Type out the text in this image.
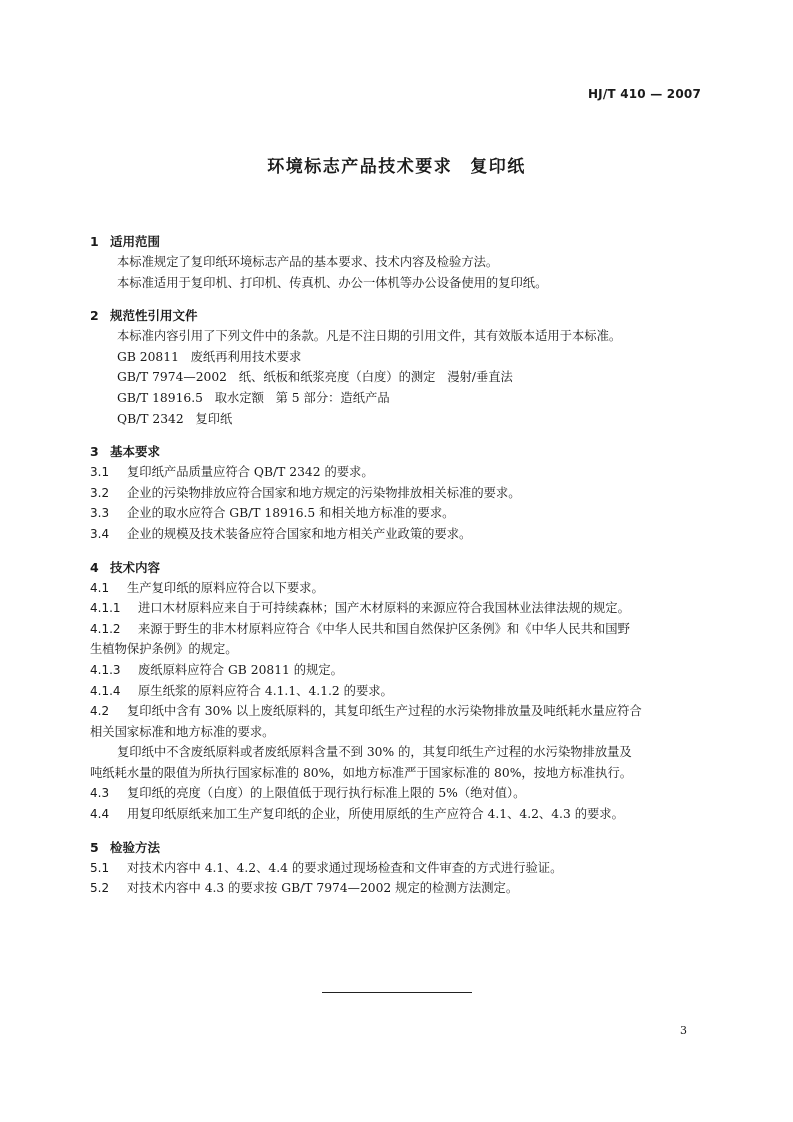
HJ/T 410 — 2007
环境标志产品技术要求 复印纸
1 适用范围
本标准规定了复印纸环境标志产品的基本要求、技术内容及检验方法。
本标准适用于复印机、打印机、传真机、办公一体机等办公设备使用的复印纸。
2 规范性引用文件
本标准内容引用了下列文件中的条款。凡是不注日期的引用文件，其有效版本适用于本标准。
GB 20811   废纸再利用技术要求
GB/T 7974—2002   纸、纸板和纸浆亮度（白度）的测定   漫射/垂直法
GB/T 18916.5   取水定额   第 5 部分：造纸产品
QB/T 2342   复印纸
3 基本要求
3.1 复印纸产品质量应符合 QB/T 2342 的要求。
3.2 企业的污染物排放应符合国家和地方规定的污染物排放相关标准的要求。
3.3 企业的取水应符合 GB/T 18916.5 和相关地方标准的要求。
3.4 企业的规模及技术装备应符合国家和地方相关产业政策的要求。
4 技术内容
4.1 生产复印纸的原料应符合以下要求。
4.1.1 进口木材原料应来自于可持续森林；国产木材原料的来源应符合我国林业法律法规的规定。
4.1.2 来源于野生的非木材原料应符合《中华人民共和国自然保护区条例》和《中华人民共和国野
生植物保护条例》的规定。
4.1.3 废纸原料应符合 GB 20811 的规定。
4.1.4 原生纸浆的原料应符合 4.1.1、4.1.2 的要求。
4.2 复印纸中含有 30% 以上废纸原料的，其复印纸生产过程的水污染物排放量及吨纸耗水量应符合
相关国家标准和地方标准的要求。
复印纸中不含废纸原料或者废纸原料含量不到 30% 的，其复印纸生产过程的水污染物排放量及
吨纸耗水量的限值为所执行国家标准的 80%，如地方标准严于国家标准的 80%，按地方标准执行。
4.3 复印纸的亮度（白度）的上限值低于现行执行标准上限的 5%（绝对值）。
4.4 用复印纸原纸来加工生产复印纸的企业，所使用原纸的生产应符合 4.1、4.2、4.3 的要求。
5 检验方法
5.1 对技术内容中 4.1、4.2、4.4 的要求通过现场检查和文件审查的方式进行验证。
5.2 对技术内容中 4.3 的要求按 GB/T 7974—2002 规定的检测方法测定。
3
